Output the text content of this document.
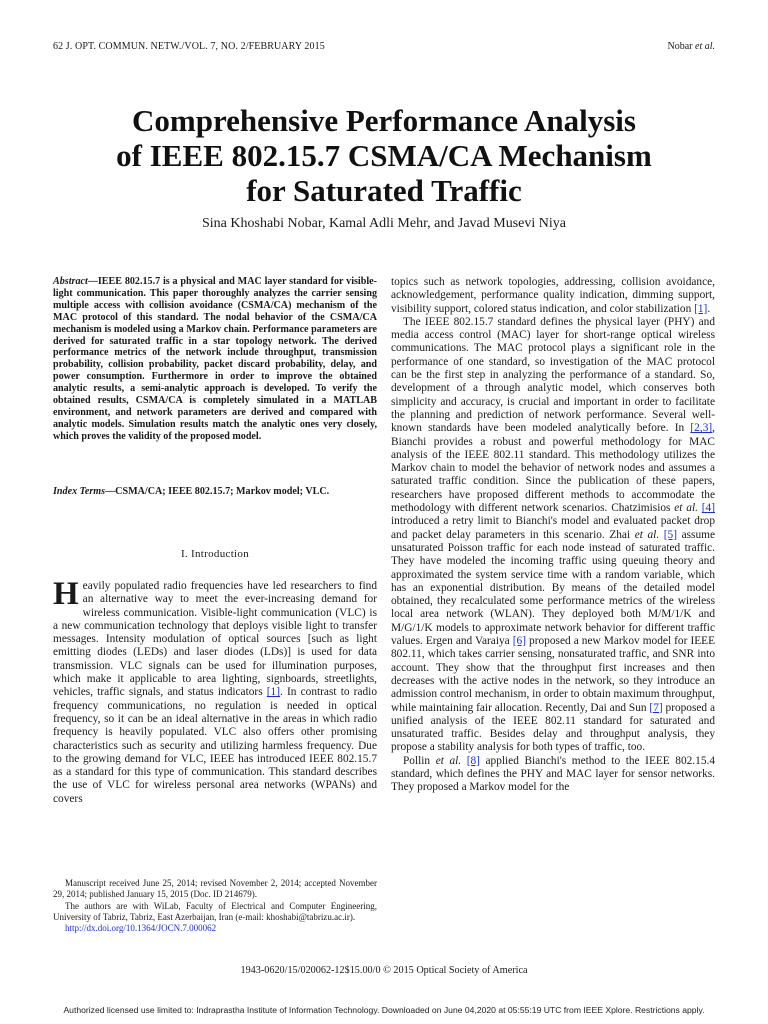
62 J. OPT. COMMUN. NETW./VOL. 7, NO. 2/FEBRUARY 2015	Nobar et al.
Comprehensive Performance Analysis
of IEEE 802.15.7 CSMA/CA Mechanism
for Saturated Traffic
Sina Khoshabi Nobar, Kamal Adli Mehr, and Javad Musevi Niya
Abstract—IEEE 802.15.7 is a physical and MAC layer standard for visible-light communication. This paper thoroughly analyzes the carrier sensing multiple access with collision avoidance (CSMA/CA) mechanism of the MAC protocol of this standard. The nodal behavior of the CSMA/CA mechanism is modeled using a Markov chain. Performance parameters are derived for saturated traffic in a star topology network. The derived performance metrics of the network include throughput, transmission probability, collision probability, packet discard probability, delay, and power consumption. Furthermore in order to improve the obtained analytic results, a semi-analytic approach is developed. To verify the obtained results, CSMA/CA is completely simulated in a MATLAB environment, and network parameters are derived and compared with analytic models. Simulation results match the analytic ones very closely, which proves the validity of the proposed model.
Index Terms—CSMA/CA; IEEE 802.15.7; Markov model; VLC.
I. Introduction
Heavily populated radio frequencies have led researchers to find an alternative way to meet the ever-increasing demand for wireless communication. Visible-light communication (VLC) is a new communication technology that deploys visible light to transfer messages. Intensity modulation of optical sources [such as light emitting diodes (LEDs) and laser diodes (LDs)] is used for data transmission. VLC signals can be used for illumination purposes, which make it applicable to area lighting, signboards, streetlights, vehicles, traffic signals, and status indicators [1]. In contrast to radio frequency communications, no regulation is needed in optical frequency, so it can be an ideal alternative in the areas in which radio frequency is heavily populated. VLC also offers other promising characteristics such as security and utilizing harmless frequency. Due to the growing demand for VLC, IEEE has introduced IEEE 802.15.7 as a standard for this type of communication. This standard describes the use of VLC for wireless personal area networks (WPANs) and covers

topics such as network topologies, addressing, collision avoidance, acknowledgement, performance quality indication, dimming support, visibility support, colored status indication, and color stabilization [1].

The IEEE 802.15.7 standard defines the physical layer (PHY) and media access control (MAC) layer for short-range optical wireless communications. The MAC protocol plays a significant role in the performance of one standard, so investigation of the MAC protocol can be the first step in analyzing the performance of a standard. So, development of a through analytic model, which conserves both simplicity and accuracy, is crucial and important in order to facilitate the planning and prediction of network performance. Several well-known standards have been modeled analytically before. In [2,3], Bianchi provides a robust and powerful methodology for MAC analysis of the IEEE 802.11 standard. This methodology utilizes the Markov chain to model the behavior of network nodes and assumes a saturated traffic condition. Since the publication of these papers, researchers have proposed different methods to accommodate the methodology with different network scenarios. Chatzimisios et al. [4] introduced a retry limit to Bianchi's model and evaluated packet drop and packet delay parameters in this scenario. Zhai et al. [5] assume unsaturated Poisson traffic for each node instead of saturated traffic. They have modeled the incoming traffic using queuing theory and approximated the system service time with a random variable, which has an exponential distribution. By means of the detailed model obtained, they recalculated some performance metrics of the wireless local area network (WLAN). They deployed both M/M/1/K and M/G/1/K models to approximate network behavior for different traffic values. Ergen and Varaiya [6] proposed a new Markov model for IEEE 802.11, which takes carrier sensing, nonsaturated traffic, and SNR into account. They show that the throughput first increases and then decreases with the active nodes in the network, so they introduce an admission control mechanism, in order to obtain maximum throughput, while maintaining fair allocation. Recently, Dai and Sun [7] proposed a unified analysis of the IEEE 802.11 standard for saturated and unsaturated traffic. Besides delay and throughput analysis, they propose a stability analysis for both types of traffic, too.

Pollin et al. [8] applied Bianchi's method to the IEEE 802.15.4 standard, which defines the PHY and MAC layer for sensor networks. They proposed a Markov model for the

Manuscript received June 25, 2014; revised November 2, 2014; accepted November 29, 2014; published January 15, 2015 (Doc. ID 214679).

The authors are with WiLab, Faculty of Electrical and Computer Engineering, University of Tabriz, Tabriz, East Azerbaijan, Iran (e-mail: khoshabi@tabrizu.ac.ir).

http://dx.doi.org/10.1364/JOCN.7.000062

1943-0620/15/020062-12$15.00/0 © 2015 Optical Society of America
Authorized licensed use limited to: Indraprastha Institute of Information Technology. Downloaded on June 04,2020 at 05:55:19 UTC from IEEE Xplore. Restrictions apply.
